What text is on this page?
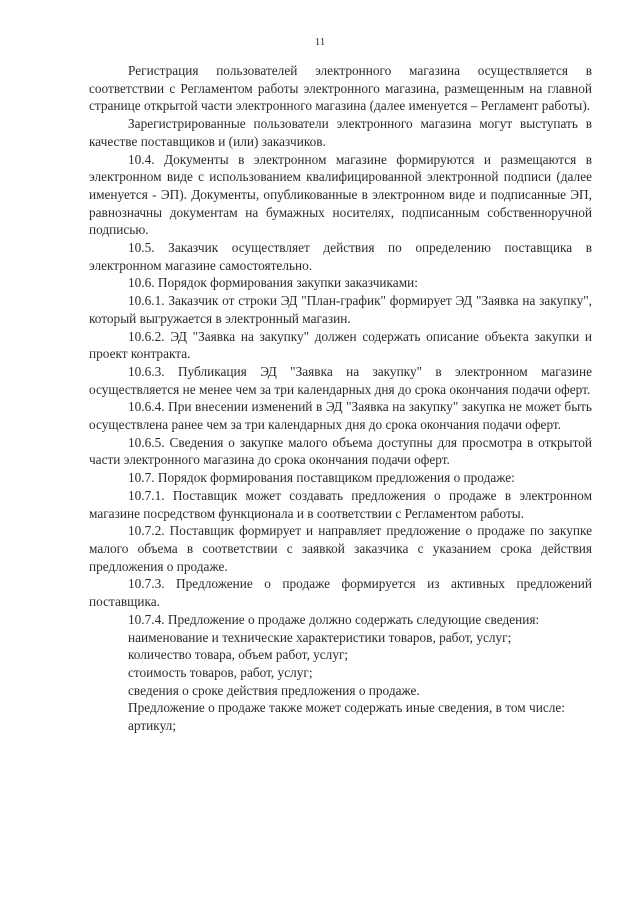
11

Регистрация пользователей электронного магазина осуществляется в соответствии с Регламентом работы электронного магазина, размещенным на главной странице открытой части электронного магазина (далее именуется – Регламент работы).

Зарегистрированные пользователи электронного магазина могут выступать в качестве поставщиков и (или) заказчиков.

10.4. Документы в электронном магазине формируются и размещаются в электронном виде с использованием квалифицированной электронной подписи (далее именуется - ЭП). Документы, опубликованные в электронном виде и подписанные ЭП, равнозначны документам на бумажных носителях, подписанным собственноручной подписью.

10.5. Заказчик осуществляет действия по определению поставщика в электронном магазине самостоятельно.

10.6. Порядок формирования закупки заказчиками:

10.6.1. Заказчик от строки ЭД "План-график" формирует ЭД "Заявка на закупку", который выгружается в электронный магазин.

10.6.2. ЭД "Заявка на закупку" должен содержать описание объекта закупки и проект контракта.

10.6.3. Публикация ЭД "Заявка на закупку" в электронном магазине осуществляется не менее чем за три календарных дня до срока окончания подачи оферт.

10.6.4. При внесении изменений в ЭД "Заявка на закупку" закупка не может быть осуществлена ранее чем за три календарных дня до срока окончания подачи оферт.

10.6.5. Сведения о закупке малого объема доступны для просмотра в открытой части электронного магазина до срока окончания подачи оферт.

10.7. Порядок формирования поставщиком предложения о продаже:

10.7.1. Поставщик может создавать предложения о продаже в электронном магазине посредством функционала и в соответствии с Регламентом работы.

10.7.2. Поставщик формирует и направляет предложение о продаже по закупке малого объема в соответствии с заявкой заказчика с указанием срока действия предложения о продаже.

10.7.3. Предложение о продаже формируется из активных предложений поставщика.

10.7.4. Предложение о продаже должно содержать следующие сведения:

наименование и технические характеристики товаров, работ, услуг;

количество товара, объем работ, услуг;

стоимость товаров, работ, услуг;

сведения о сроке действия предложения о продаже.

Предложение о продаже также может содержать иные сведения, в том числе:

артикул;
